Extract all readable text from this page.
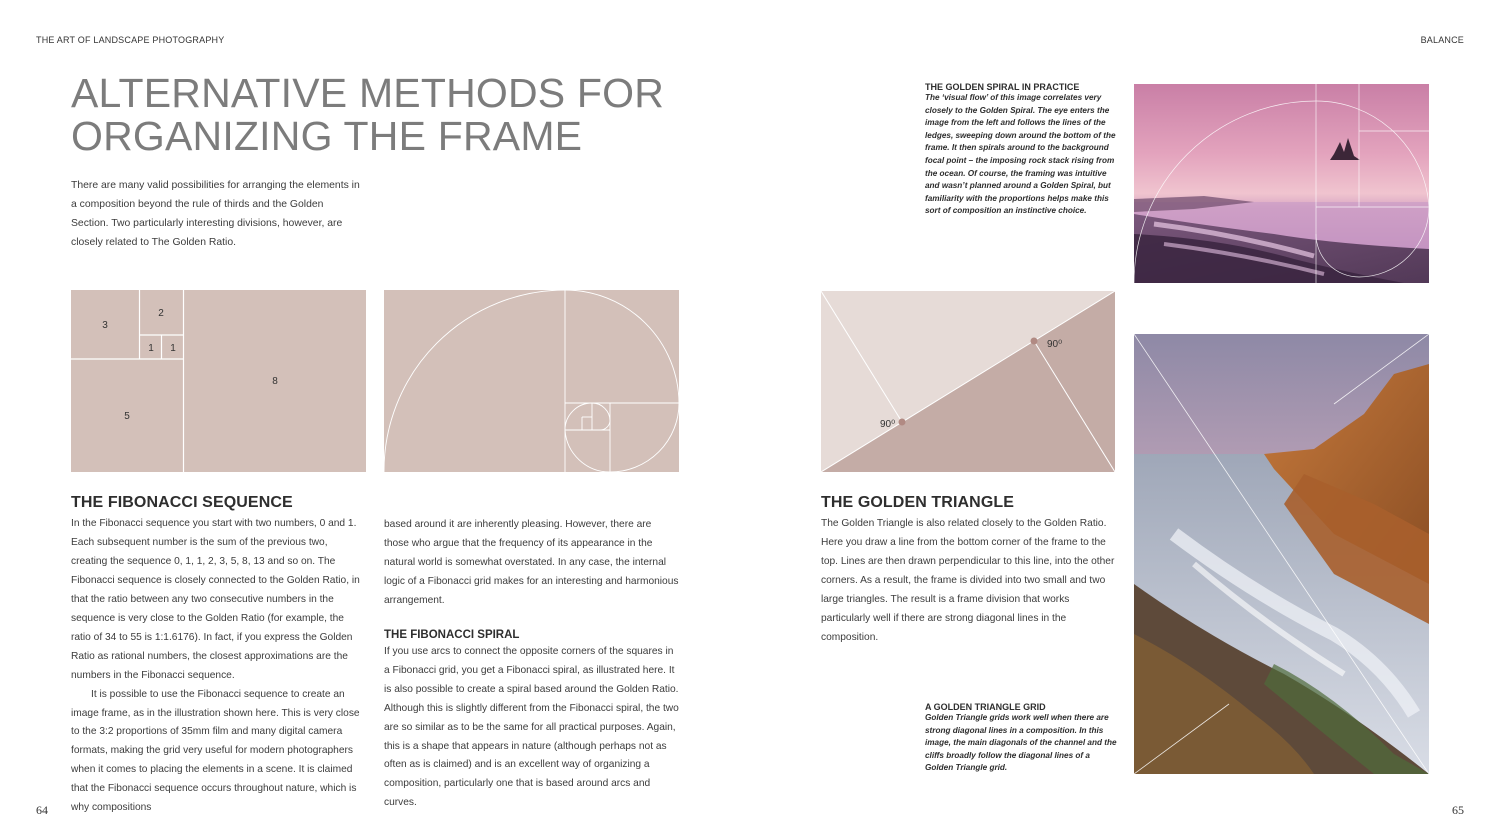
THE ART OF LANDSCAPE PHOTOGRAPHY	BALANCE
ALTERNATIVE METHODS FOR
ORGANIZING THE FRAME

There are many valid possibilities for arranging the elements in a composition beyond the rule of thirds and the Golden Section. Two particularly interesting divisions, however, are closely related to The Golden Ratio.

3
2
1 1
8
5
90⁰
90⁰
THE FIBONACCI SEQUENCE

In the Fibonacci sequence you start with two numbers, 0 and 1. Each subsequent number is the sum of the previous two, creating the sequence 0, 1, 1, 2, 3, 5, 8, 13 and so on. The Fibonacci sequence is closely connected to the Golden Ratio, in that the ratio between any two consecutive numbers in the sequence is very close to the Golden Ratio (for example, the ratio of 34 to 55 is 1:1.6176). In fact, if you express the Golden Ratio as rational numbers, the closest approximations are the numbers in the Fibonacci sequence.

It is possible to use the Fibonacci sequence to create an image frame, as in the illustration shown here. This is very close to the 3:2 proportions of 35mm film and many digital camera formats, making the grid very useful for modern photographers when it comes to placing the elements in a scene. It is claimed that the Fibonacci sequence occurs throughout nature, which is why compositions

based around it are inherently pleasing. However, there are those who argue that the frequency of its appearance in the natural world is somewhat overstated. In any case, the internal logic of a Fibonacci grid makes for an interesting and harmonious arrangement.

THE FIBONACCI SPIRAL

If you use arcs to connect the opposite corners of the squares in a Fibonacci grid, you get a Fibonacci spiral, as illustrated here. It is also possible to create a spiral based around the Golden Ratio. Although this is slightly different from the Fibonacci spiral, the two are so similar as to be the same for all practical purposes. Again, this is a shape that appears in nature (although perhaps not as often as is claimed) and is an excellent way of organizing a composition, particularly one that is based around arcs and curves.

THE GOLDEN TRIANGLE

The Golden Triangle is also related closely to the Golden Ratio. Here you draw a line from the bottom corner of the frame to the top. Lines are then drawn perpendicular to this line, into the other corners. As a result, the frame is divided into two small and two large triangles. The result is a frame division that works particularly well if there are strong diagonal lines in the composition.

THE GOLDEN SPIRAL IN PRACTICE
The ‘visual flow’ of this image correlates very closely to the Golden Spiral. The eye enters the image from the left and follows the lines of the ledges, sweeping down around the bottom of the frame. It then spirals around to the background focal point – the imposing rock stack rising from the ocean. Of course, the framing was intuitive and wasn’t planned around a Golden Spiral, but familiarity with the proportions helps make this sort of composition an instinctive choice.
A GOLDEN TRIANGLE GRID
Golden Triangle grids work well when there are strong diagonal lines in a composition. In this image, the main diagonals of the channel and the cliffs broadly follow the diagonal lines of a Golden Triangle grid.
64	65
